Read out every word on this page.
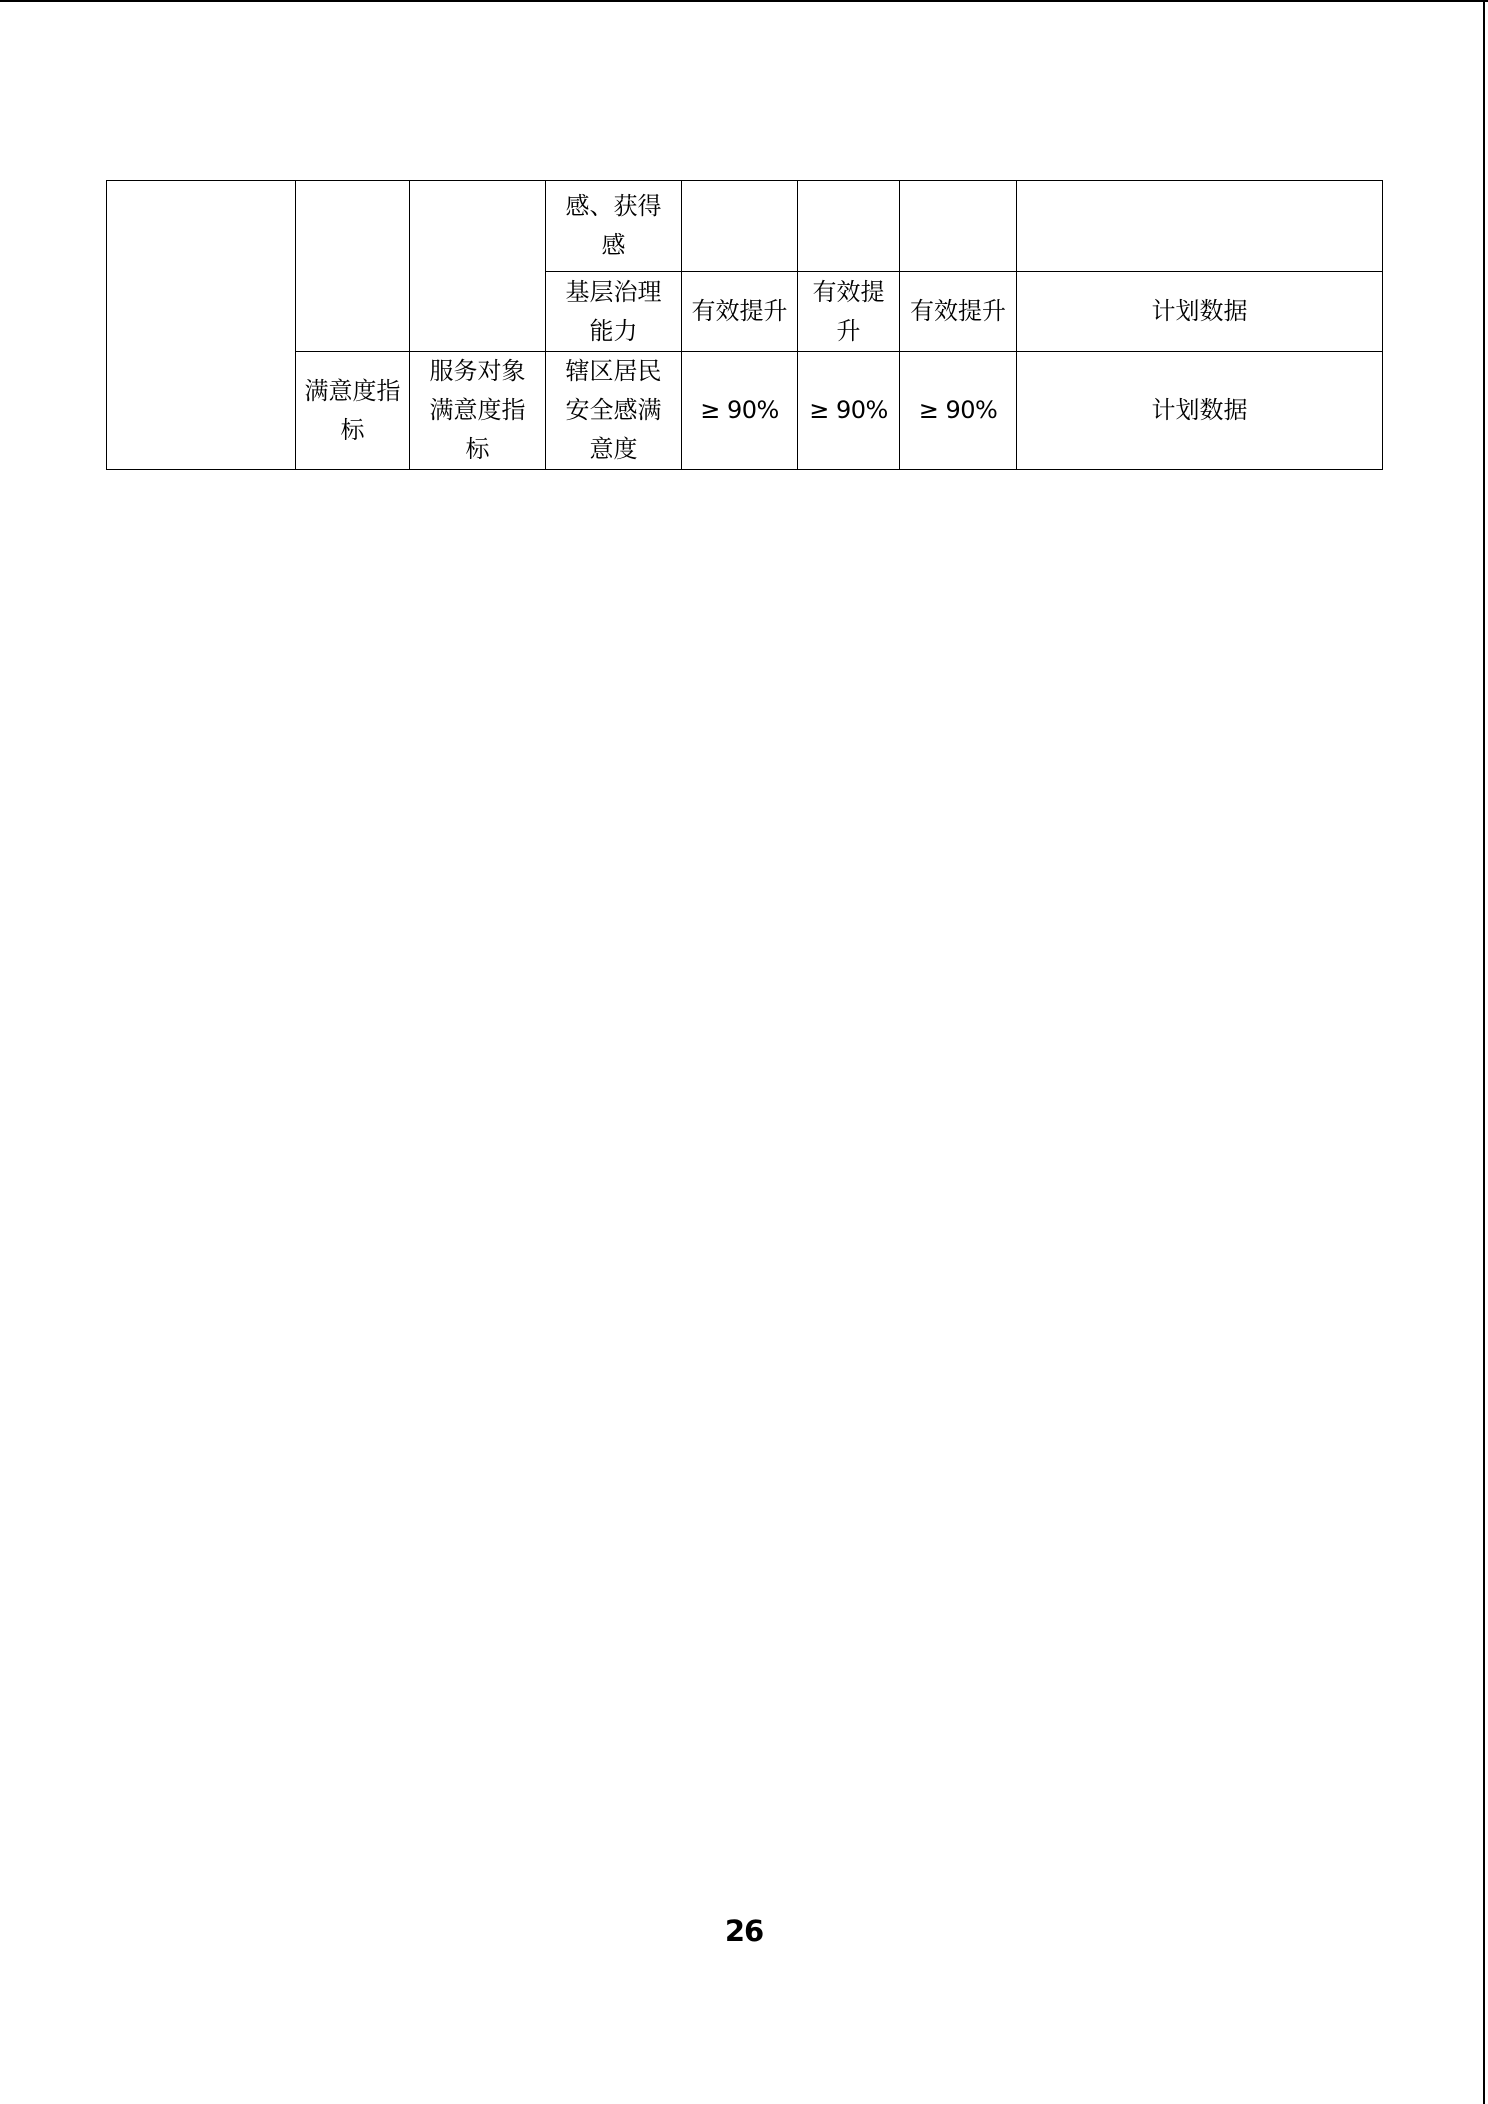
			感、获得感				
			基层治理能力	有效提升	有效提升	有效提升	计划数据
	满意度指标	服务对象满意度指标	辖区居民安全感满意度	≥ 90%	≥ 90%	≥ 90%	计划数据
26
